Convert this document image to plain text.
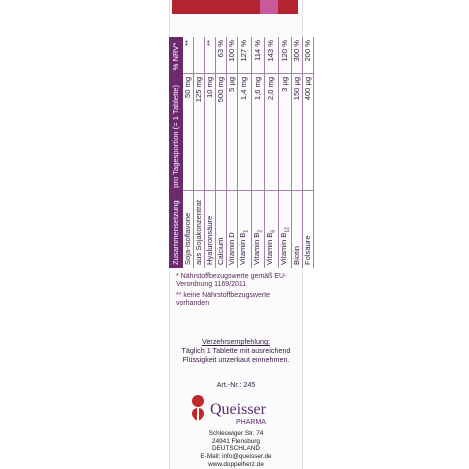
Zusammensetzung	pro Tagesportion (= 1 Tablette)	% NRV*
Soja-Isoflavone	50 mg	**
aus Sojakonzentrat	125 mg	
Hyaluronsäure	10 mg	**
Calcium	500 mg	63 %
Vitamin D	5 µg	100 %
Vitamin $B_1$	1,4 mg	127 %
Vitamin $B_2$	1,6 mg	114 %
Vitamin $B_6$	2,0 mg	143 %
Vitamin $B_{12}$	3 µg	120 %
Biotin	150 µg	300 %
Folsäure	400 µg	200 %

* Nährstoffbezugswerte gemäß EU-Verordnung 1169/2011

** keine Nährstoffbezugswerte vorhanden

Verzehrsempfehlung:
Täglich 1 Tablette mit ausreichend Flüssigkeit unzerkaut einnehmen.
Art.-Nr.: 245
Queisser
PHARMA
Schleswiger Str. 74
24941 Flensburg
DEUTSCHLAND
E-Mail: info@queisser.de
www.doppelherz.de
